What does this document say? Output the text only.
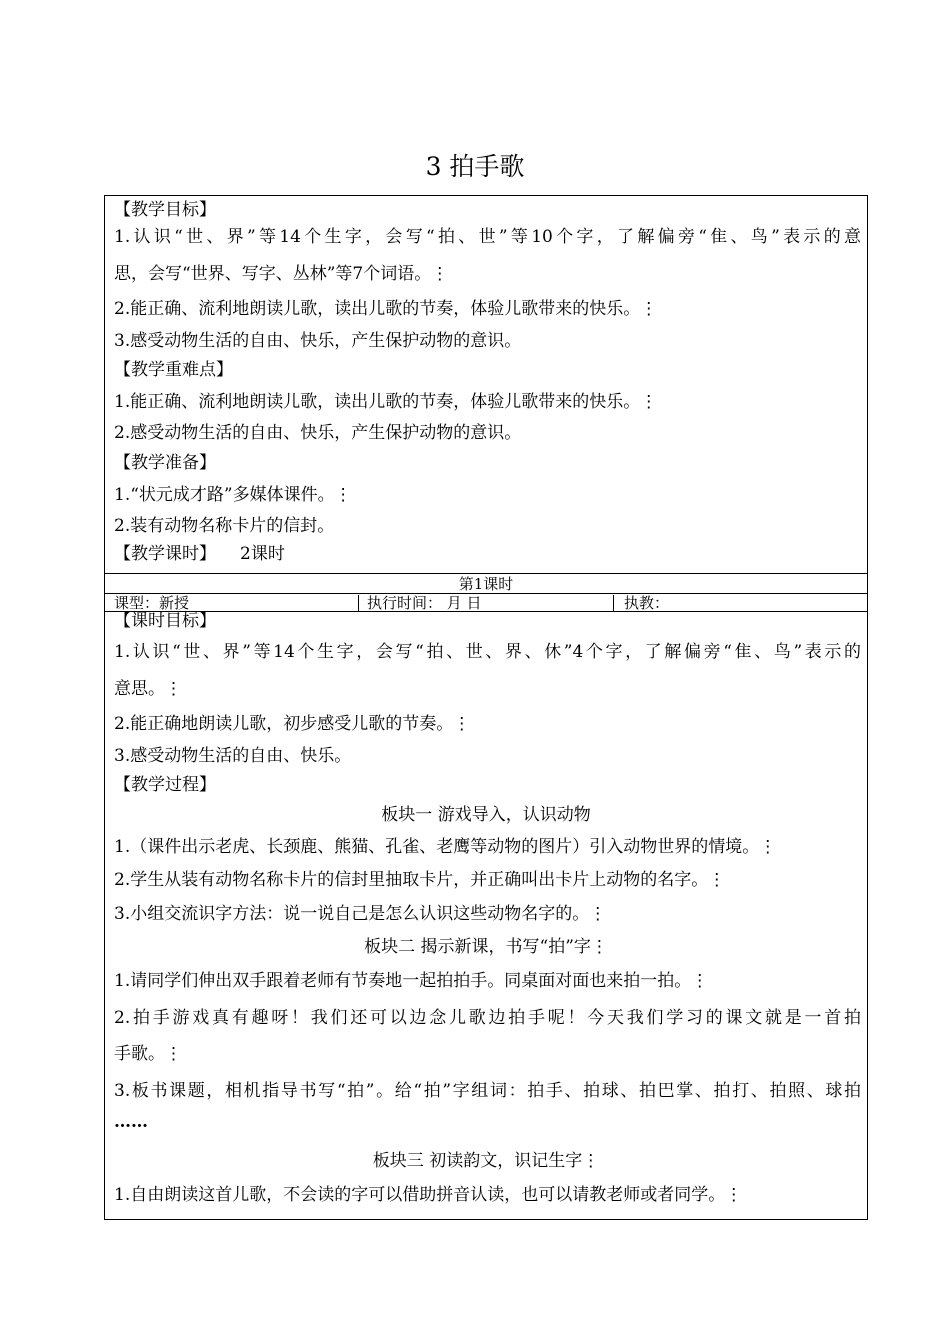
3 拍手歌
【教学目标】
1.认识“世、界”等14个生字，会写“拍、世”等10个字，了解偏旁“隹、鸟”表示的意
思，会写“世界、写字、丛林”等7个词语。⋮
2.能正确、流利地朗读儿歌，读出儿歌的节奏，体验儿歌带来的快乐。⋮
3.感受动物生活的自由、快乐，产生保护动物的意识。
【教学重难点】
1.能正确、流利地朗读儿歌，读出儿歌的节奏，体验儿歌带来的快乐。⋮
2.感受动物生活的自由、快乐，产生保护动物的意识。
【教学准备】
1.“状元成才路”多媒体课件。⋮
2.装有动物名称卡片的信封。
【教学课时】 2课时
第1课时
课型：新授	执行时间： 月 日	执教：
【课时目标】
1.认识“世、界”等14个生字，会写“拍、世、界、休”4个字，了解偏旁“隹、鸟”表示的
意思。⋮
2.能正确地朗读儿歌，初步感受儿歌的节奏。⋮
3.感受动物生活的自由、快乐。
【教学过程】
板块一 游戏导入，认识动物
1.（课件出示老虎、长颈鹿、熊猫、孔雀、老鹰等动物的图片）引入动物世界的情境。⋮
2.学生从装有动物名称卡片的信封里抽取卡片，并正确叫出卡片上动物的名字。⋮
3.小组交流识字方法：说一说自己是怎么认识这些动物名字的。⋮
板块二 揭示新课，书写“拍”字⋮
1.请同学们伸出双手跟着老师有节奏地一起拍拍手。同桌面对面也来拍一拍。⋮
2.拍手游戏真有趣呀！我们还可以边念儿歌边拍手呢！今天我们学习的课文就是一首拍
手歌。⋮
3.板书课题，相机指导书写“拍”。给“拍”字组词：拍手、拍球、拍巴掌、拍打、拍照、球拍
……
板块三 初读韵文，识记生字⋮
1.自由朗读这首儿歌，不会读的字可以借助拼音认读，也可以请教老师或者同学。⋮
